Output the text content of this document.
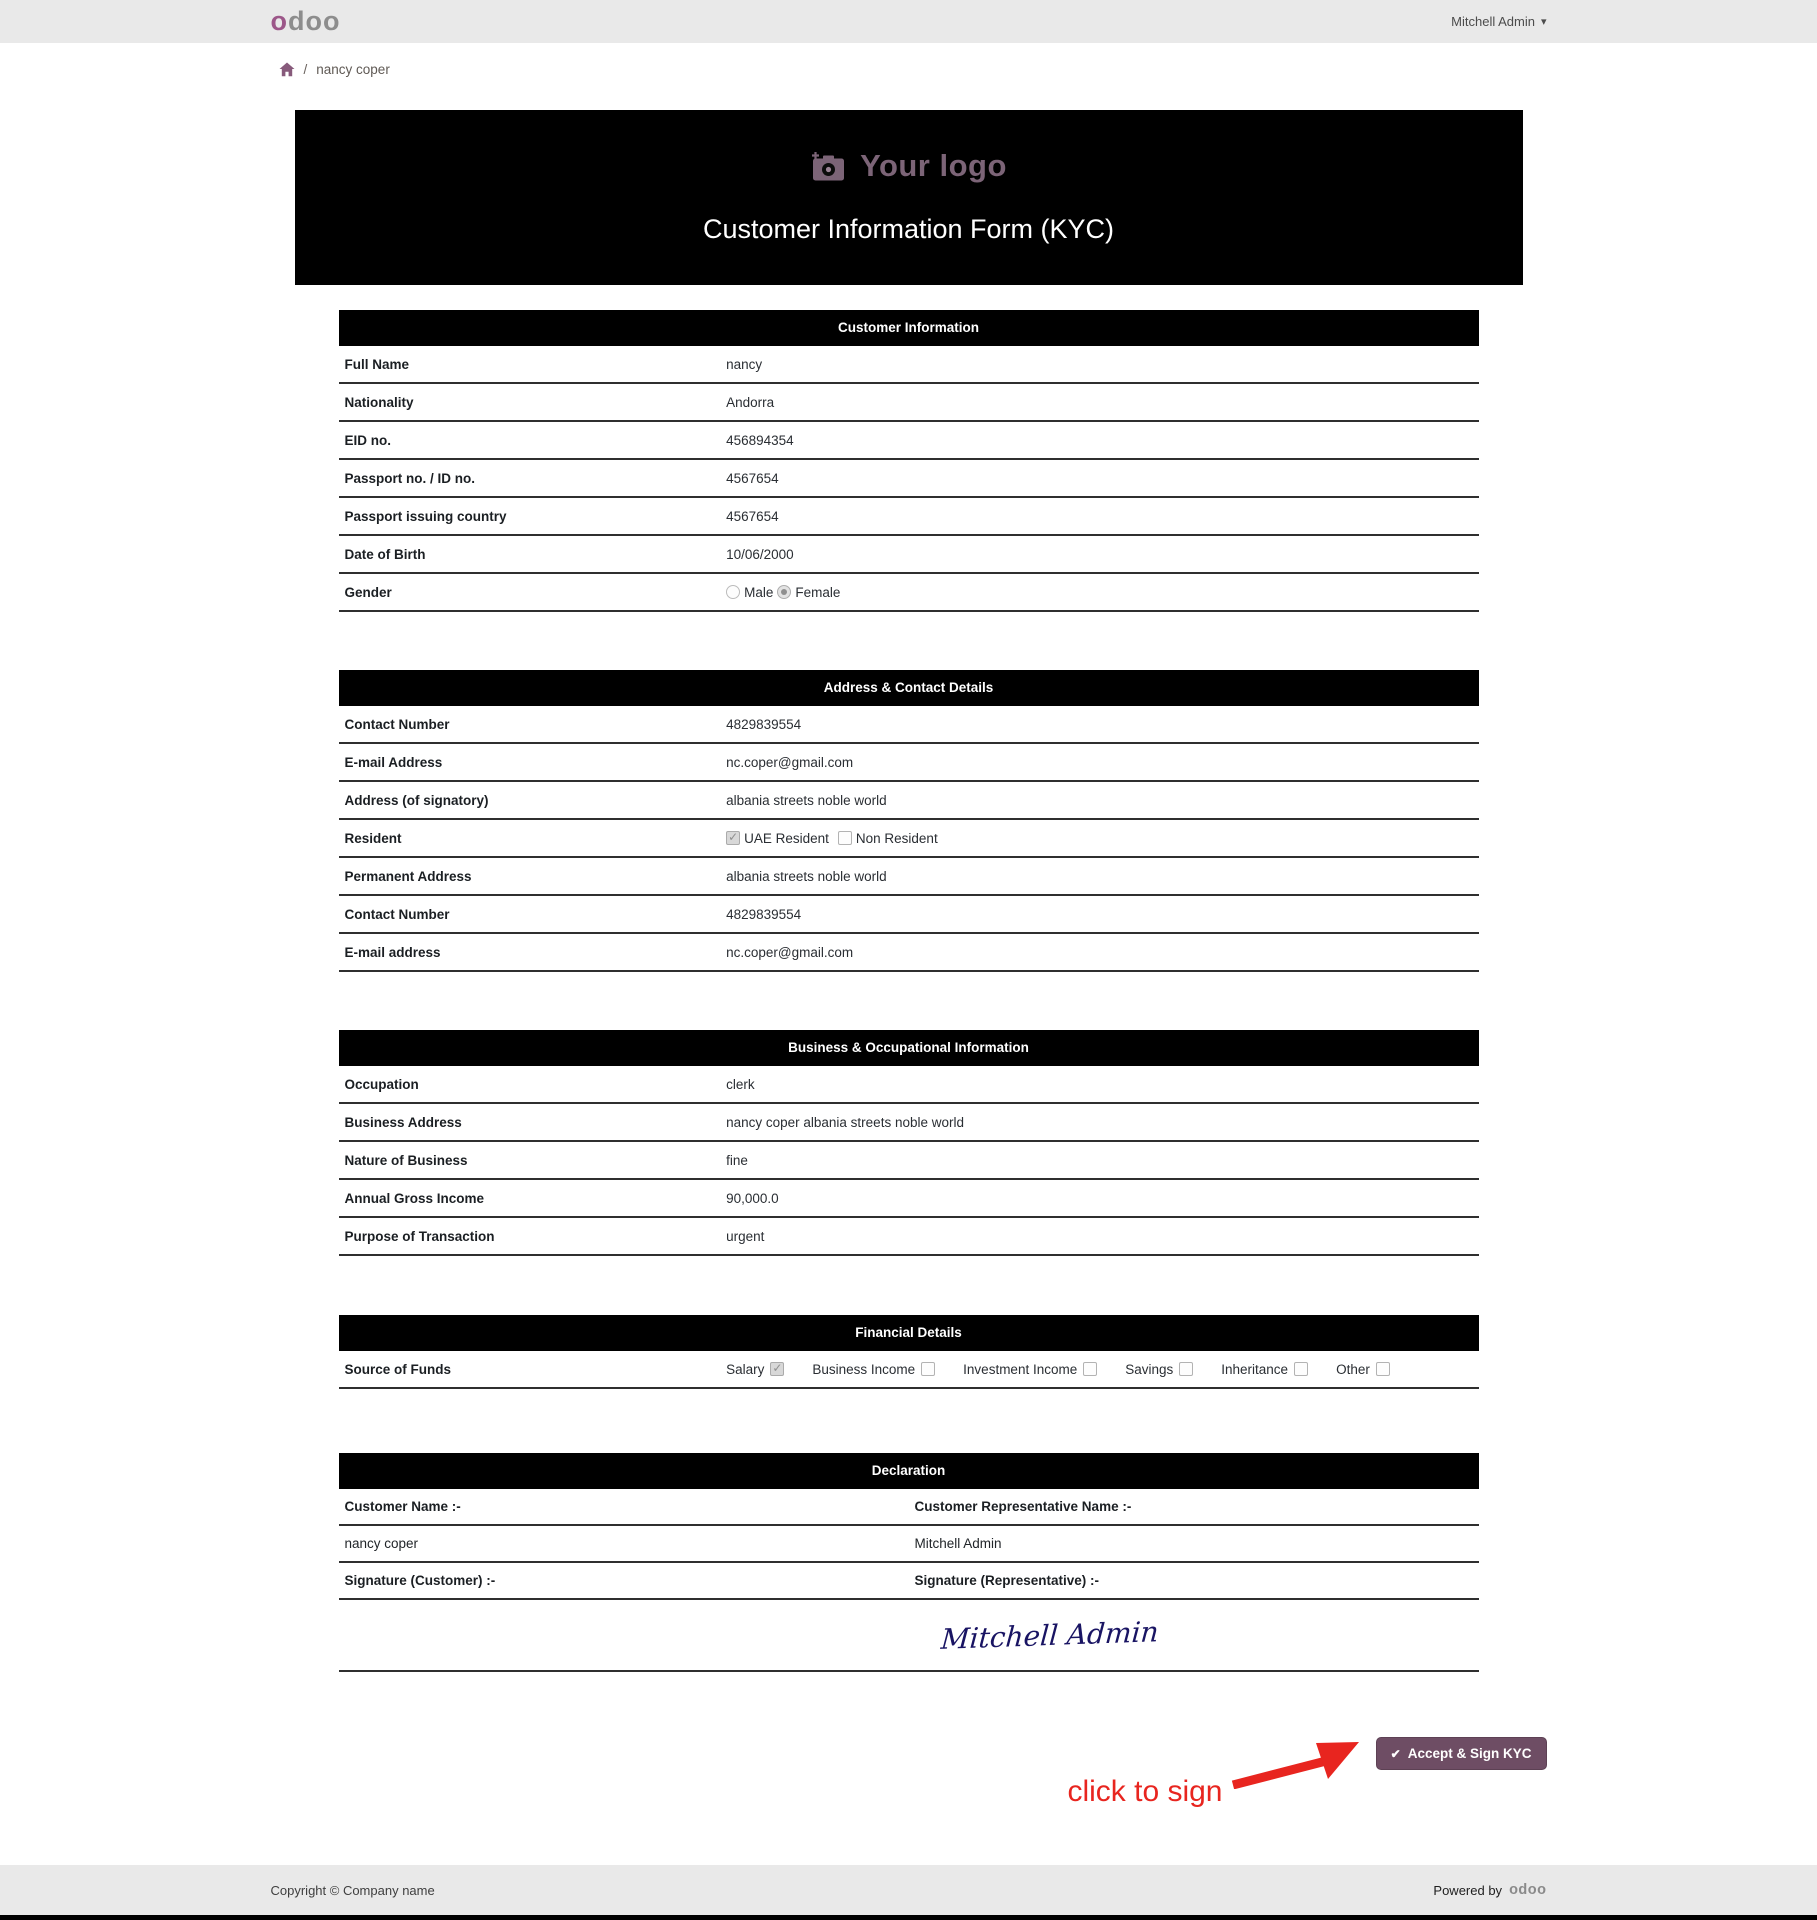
odoo	Mitchell Admin ▾
/ nancy coper
Your logo
Customer Information Form (KYC)
Customer Information
Full Name	nancy
Nationality	Andorra
EID no.	456894354
Passport no. / ID no.	4567654
Passport issuing country	4567654
Date of Birth	10/06/2000
Gender	Male Female
Address & Contact Details
Contact Number	4829839554
E-mail Address	nc.coper@gmail.com
Address (of signatory)	albania streets noble world
Resident ✓	UAE Resident Non Resident
Permanent Address	albania streets noble world
Contact Number	4829839554
E-mail address	nc.coper@gmail.com
Business & Occupational Information
Occupation	clerk
Business Address	nancy coper albania streets noble world
Nature of Business	fine
Annual Gross Income	90,000.0
Purpose of Transaction	urgent
Financial Details
Source of Funds	Salary ✓	Business Income	Investment Income	Savings	Inheritance	Other
Declaration
Customer Name :-	Customer Representative Name :-
nancy coper	Mitchell Admin
Signature (Customer) :-	Signature (Representative) :-
Mitchell Admin
click to sign
✔ Accept & Sign KYC
Copyright © Company name	Powered by odoo
